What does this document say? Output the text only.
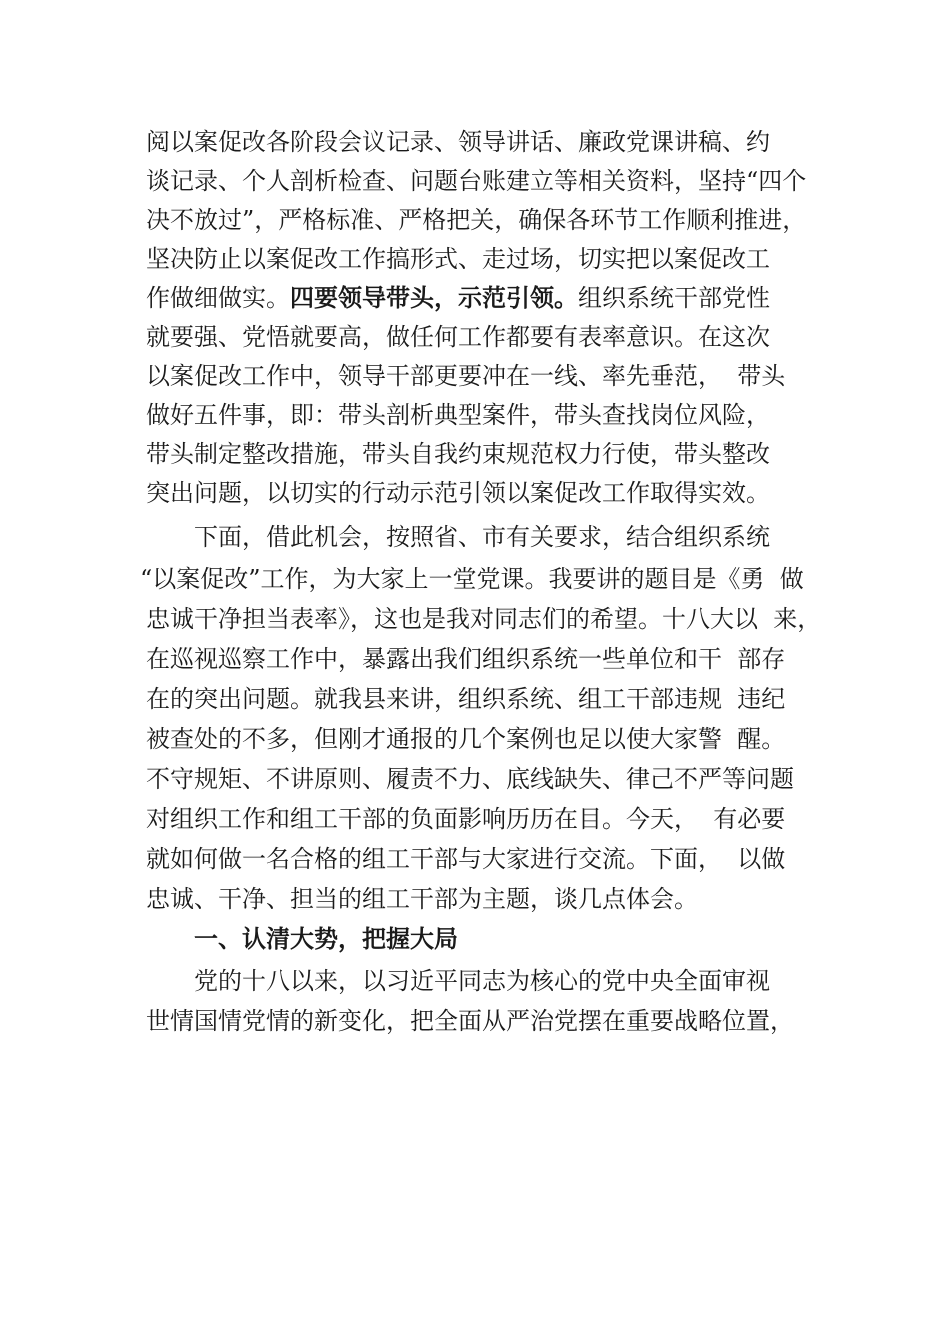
阅以案促改各阶段会议记录、领导讲话、廉政党课讲稿、约

谈记录、个人剖析检查、问题台账建立等相关资料，坚持“四个

决不放过”，严格标准、严格把关，确保各环节工作顺利推进，

坚决防止以案促改工作搞形式、走过场，切实把以案促改工

作做细做实。四要领导带头，示范引领。组织系统干部党性

就要强、党悟就要高，做任何工作都要有表率意识。在这次

以案促改工作中，领导干部更要冲在一线、率先垂范，  带头

做好五件事，即：带头剖析典型案件，带头查找岗位风险，

带头制定整改措施，带头自我约束规范权力行使，带头整改

突出问题，以切实的行动示范引领以案促改工作取得实效。

下面，借此机会，按照省、市有关要求，结合组织系统

“以案促改”工作，为大家上一堂党课。我要讲的题目是《勇  做

忠诚干净担当表率》，这也是我对同志们的希望。十八大以  来，

在巡视巡察工作中，暴露出我们组织系统一些单位和干  部存

在的突出问题。就我县来讲，组织系统、组工干部违规  违纪

被查处的不多，但刚才通报的几个案例也足以使大家警  醒。

不守规矩、不讲原则、履责不力、底线缺失、律己不严等问题

对组织工作和组工干部的负面影响历历在目。今天，  有必要

就如何做一名合格的组工干部与大家进行交流。下面，  以做

忠诚、干净、担当的组工干部为主题，谈几点体会。

一、认清大势，把握大局

党的十八以来，以习近平同志为核心的党中央全面审视

世情国情党情的新变化，把全面从严治党摆在重要战略位置，
